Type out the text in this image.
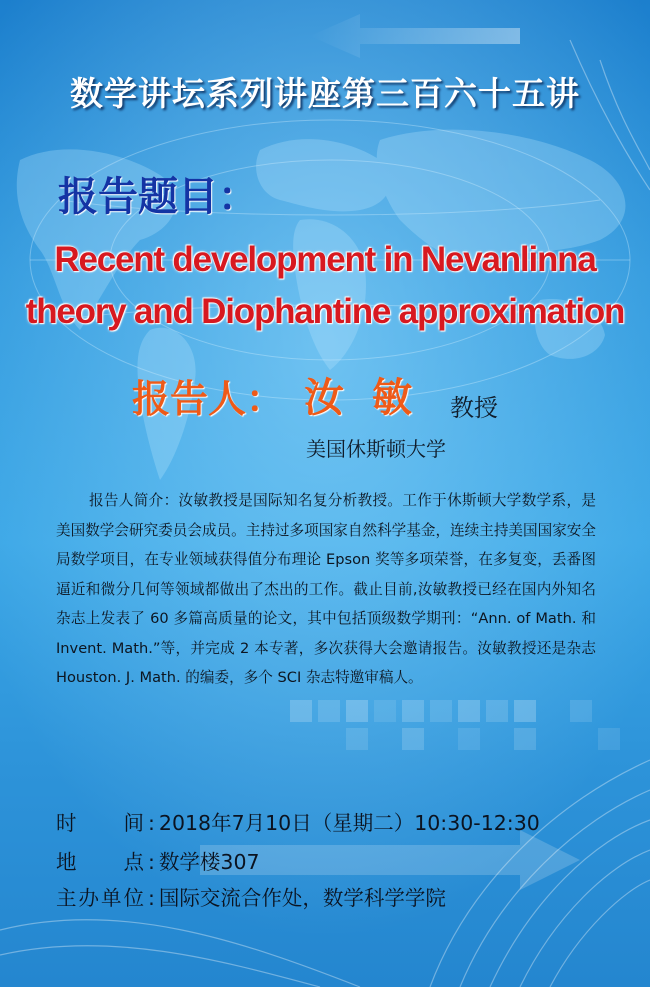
数学讲坛系列讲座第三百六十五讲
报告题目：
Recent development in Nevanlinna
theory and Diophantine approximation
报告人： 汝敏 教授
美国休斯顿大学
报告人简介：汝敏教授是国际知名复分析教授。工作于休斯顿大学数学系，是美国数学会研究委员会成员。主持过多项国家自然科学基金，连续主持美国国家安全局数学项目，在专业领域获得值分布理论 Epson 奖等多项荣誉，在多复变，丢番图逼近和微分几何等领域都做出了杰出的工作。截止目前,汝敏教授已经在国内外知名杂志上发表了 60 多篇高质量的论文，其中包括顶级数学期刊：“Ann. of Math. 和 Invent. Math.”等，并完成 2 本专著，多次获得大会邀请报告。汝敏教授还是杂志 Houston. J. Math. 的编委，多个 SCI 杂志特邀审稿人。
时间 : 2018年7月10日（星期二）10:30-12:30
地点 : 数学楼307
主办单位 : 国际交流合作处，数学科学学院
